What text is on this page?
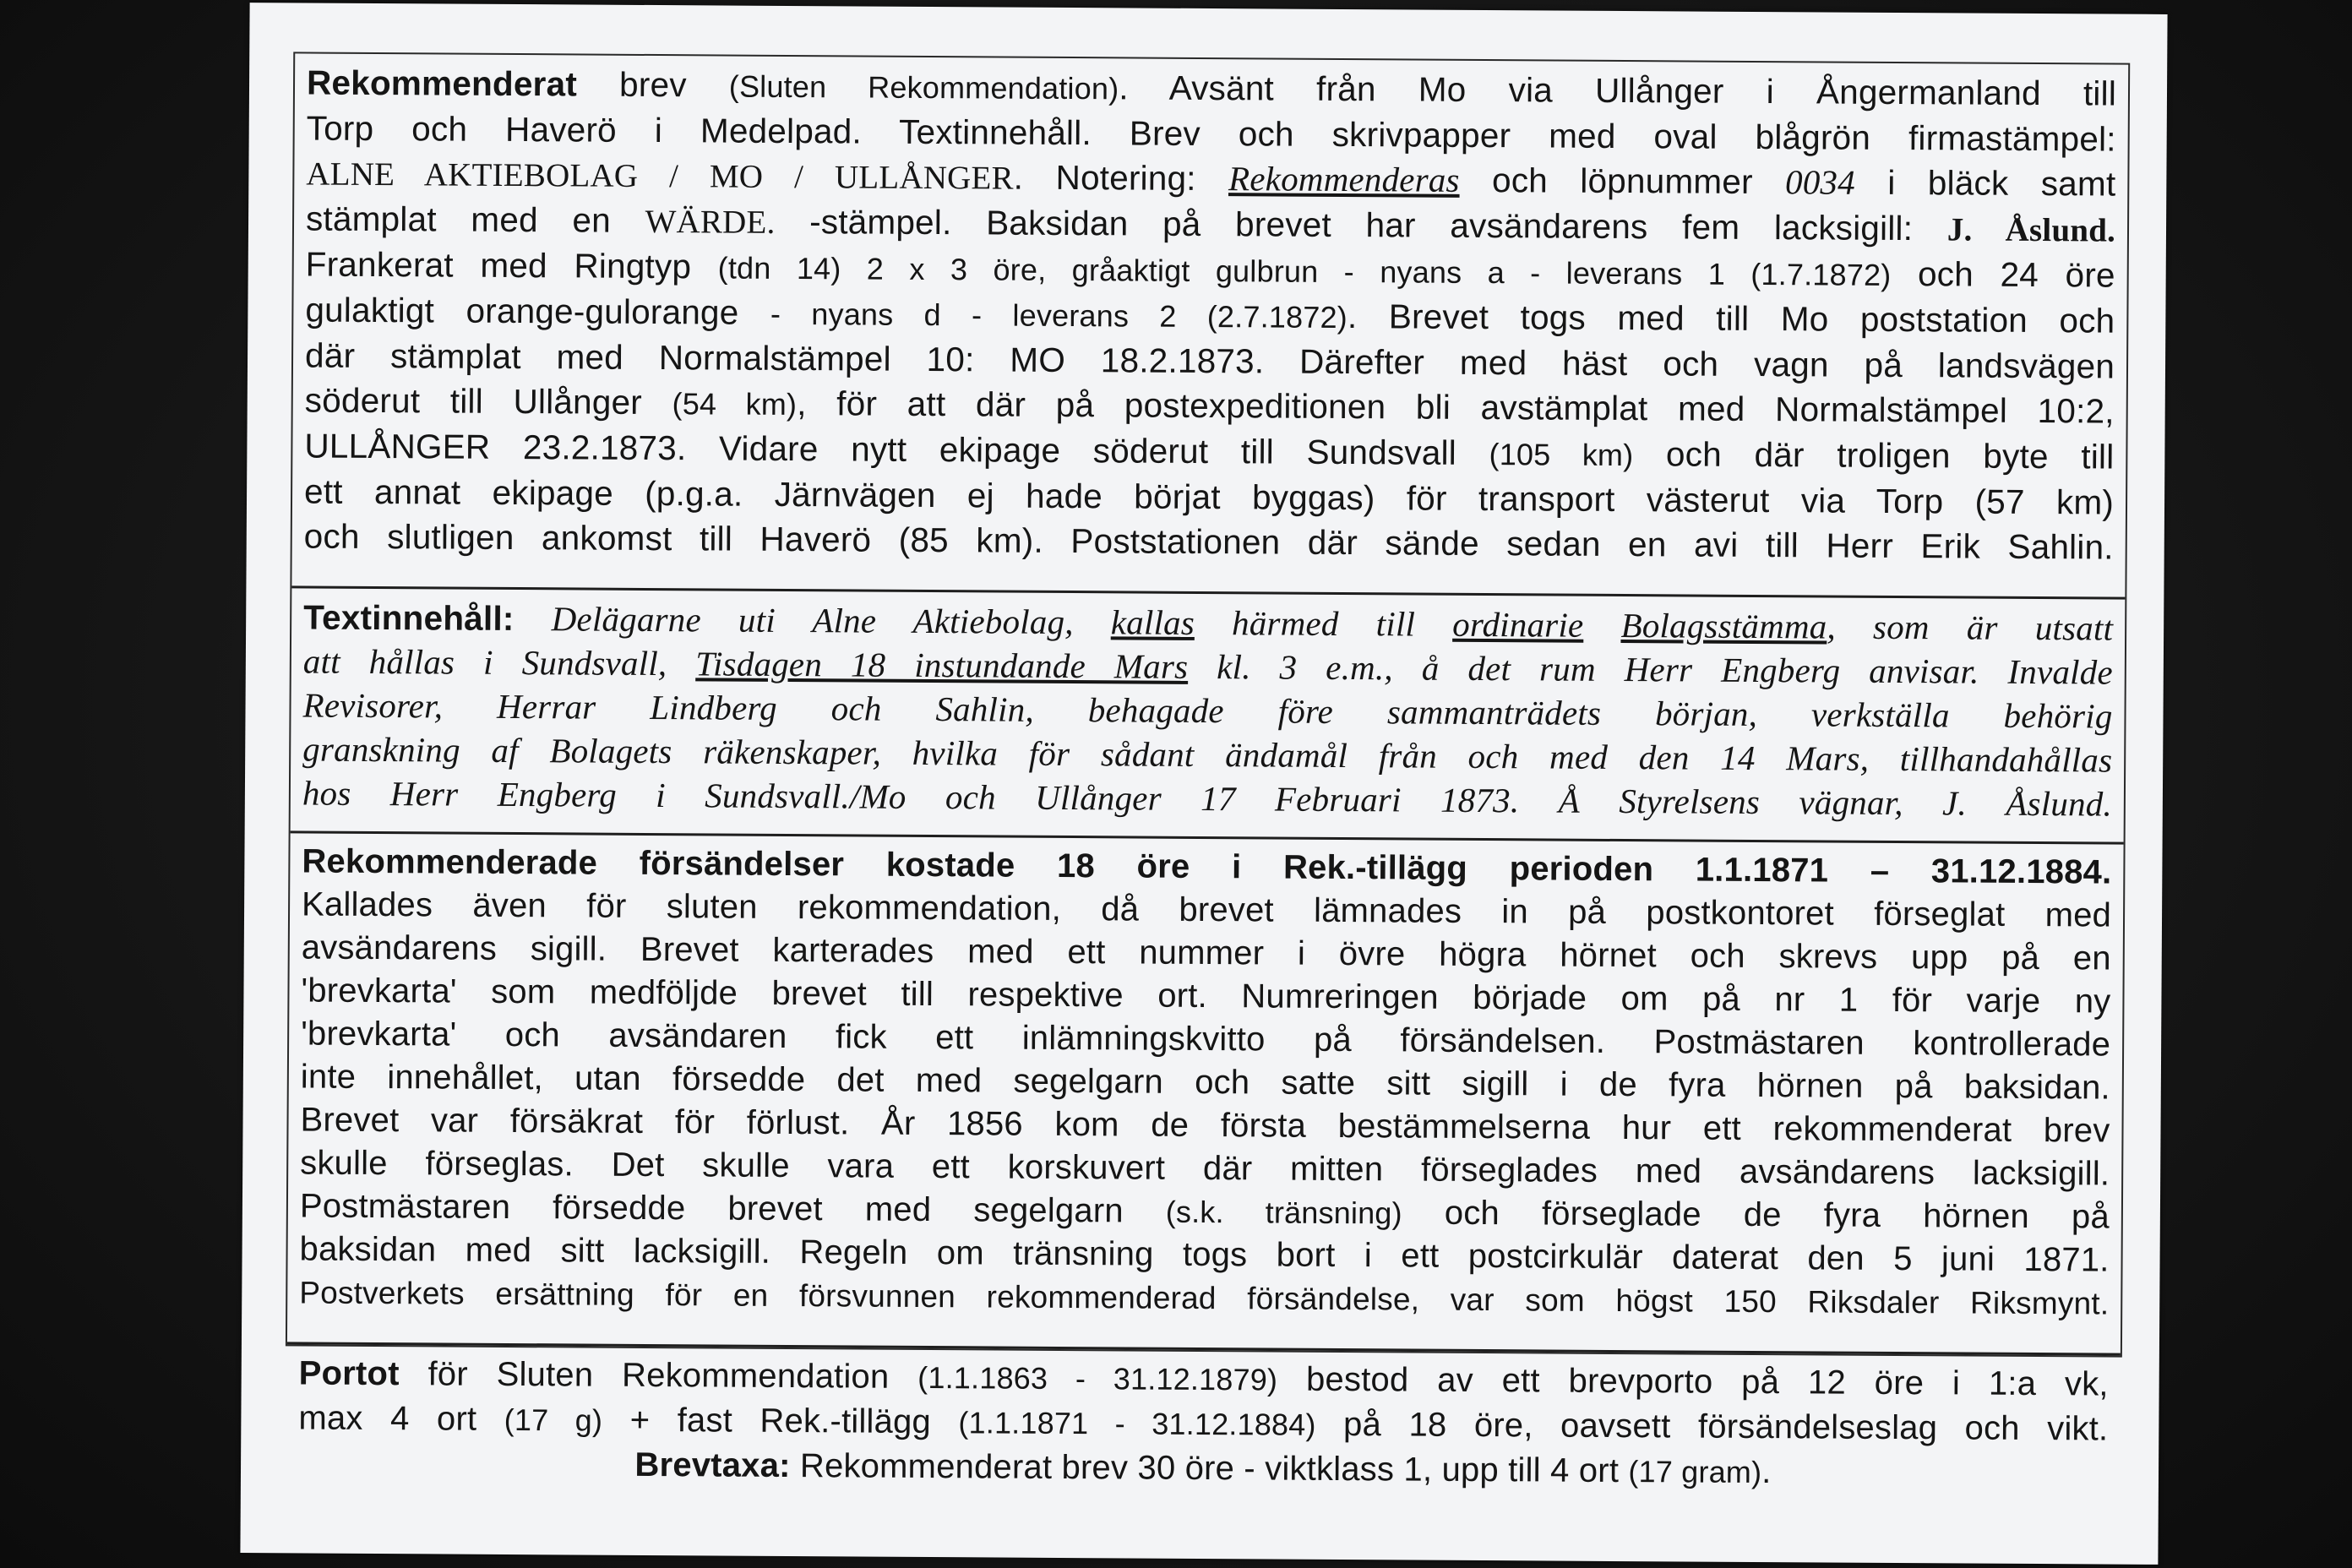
Rekommenderat brev (Sluten Rekommendation). Avsänt från Mo via Ullånger i Ångermanland till

Torp och Haverö i Medelpad. Textinnehåll. Brev och skrivpapper med oval blågrön firmastämpel:

ALNE AKTIEBOLAG / MO / ULLÅNGER. Notering: Rekommenderas och löpnummer 0034 i bläck samt

stämplat med en WÄRDE. -stämpel. Baksidan på brevet har avsändarens fem lacksigill: J. Åslund.

Frankerat med Ringtyp (tdn 14) 2 x 3 öre, gråaktigt gulbrun - nyans a - leverans 1 (1.7.1872) och 24 öre

gulaktigt orange-gulorange - nyans d - leverans 2 (2.7.1872). Brevet togs med till Mo poststation och

där stämplat med Normalstämpel 10: MO 18.2.1873. Därefter med häst och vagn på landsvägen

söderut till Ullånger (54 km), för att där på postexpeditionen bli avstämplat med Normalstämpel 10:2,

ULLÅNGER 23.2.1873. Vidare nytt ekipage söderut till Sundsvall (105 km) och där troligen byte till

ett annat ekipage (p.g.a. Järnvägen ej hade börjat byggas) för transport västerut via Torp (57 km)

och slutligen ankomst till Haverö (85 km). Poststationen där sände sedan en avi till Herr Erik Sahlin.

Textinnehåll: Delägarne uti Alne Aktiebolag, kallas härmed till ordinarie Bolagsstämma, som är utsatt

att hållas i Sundsvall, Tisdagen 18 instundande Mars kl. 3 e.m., å det rum Herr Engberg anvisar. Invalde

Revisorer, Herrar Lindberg och Sahlin, behagade före sammanträdets början, verkställa behörig

granskning af Bolagets räkenskaper, hvilka för sådant ändamål från och med den 14 Mars, tillhandahållas

hos Herr Engberg i Sundsvall./Mo och Ullånger 17 Februari 1873. Å Styrelsens vägnar, J. Åslund.

Rekommenderade försändelser kostade 18 öre i Rek.-tillägg perioden 1.1.1871 – 31.12.1884.

Kallades även för sluten rekommendation, då brevet lämnades in på postkontoret förseglat med

avsändarens sigill. Brevet karterades med ett nummer i övre högra hörnet och skrevs upp på en

'brevkarta' som medföljde brevet till respektive ort. Numreringen började om på nr 1 för varje ny

'brevkarta' och avsändaren fick ett inlämningskvitto på försändelsen. Postmästaren kontrollerade

inte innehållet, utan försedde det med segelgarn och satte sitt sigill i de fyra hörnen på baksidan.

Brevet var försäkrat för förlust. År 1856 kom de första bestämmelserna hur ett rekommenderat brev

skulle förseglas. Det skulle vara ett korskuvert där mitten förseglades med avsändarens lacksigill.

Postmästaren försedde brevet med segelgarn (s.k. tränsning) och förseglade de fyra hörnen på

baksidan med sitt lacksigill. Regeln om tränsning togs bort i ett postcirkulär daterat den 5 juni 1871.

Postverkets ersättning för en försvunnen rekommenderad försändelse, var som högst 150 Riksdaler Riksmynt.

Portot för Sluten Rekommendation (1.1.1863 - 31.12.1879) bestod av ett brevporto på 12 öre i 1:a vk,

max 4 ort (17 g) + fast Rek.-tillägg (1.1.1871 - 31.12.1884) på 18 öre, oavsett försändelseslag och vikt.

Brevtaxa: Rekommenderat brev 30 öre - viktklass 1, upp till 4 ort (17 gram).
